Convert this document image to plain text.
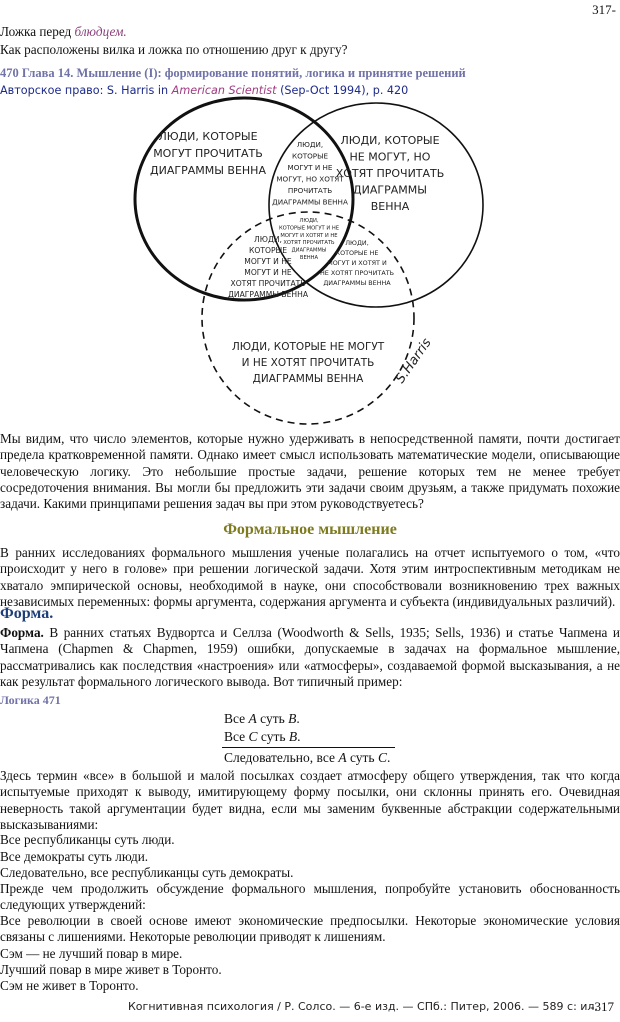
317-
Ложка перед блюдцем.
Как расположены вилка и ложка по отношению друг к другу?
470 Глава 14. Мышление (I): формирование понятий, логика и принятие решений
Авторское право: S. Harris in American Scientist (Sep-Oct 1994), p. 420
ЛЮДИ, КОТОРЫЕ МОГУТ ПРОЧИТАТЬ ДИАГРАММЫ ВЕННА
ЛЮДИ, КОТОРЫЕ НЕ МОГУТ, НО ХОТЯТ ПРОЧИТАТЬ ДИАГРАММЫ ВЕННА
ЛЮДИ, КОТОРЫЕ МОГУТ И НЕ МОГУТ, НО ХОТЯТ ПРОЧИТАТЬ ДИАГРАММЫ ВЕННА
ЛЮДИ, КОТОРЫЕ МОГУТ И НЕ МОГУТ И ХОТЯТ И НЕ ХОТЯТ ПРОЧИТАТЬ ДИАГРАММЫ ВЕННА
ЛЮДИ, КОТОРЫЕ МОГУТ И НЕ МОГУТ И НЕ ХОТЯТ ПРОЧИТАТЬ ДИАГРАММЫ ВЕННА
ЛЮДИ, КОТОРЫЕ НЕ МОГУТ И ХОТЯТ И НЕ ХОТЯТ ПРОЧИТАТЬ ДИАГРАММЫ ВЕННА
ЛЮДИ, КОТОРЫЕ НЕ МОГУТ И НЕ ХОТЯТ ПРОЧИТАТЬ ДИАГРАММЫ ВЕННА	S.Harris
Мы видим, что число элементов, которые нужно удерживать в непосредственной памяти, почти достигает предела кратковременной памяти. Однако имеет смысл использовать математические модели, описывающие человеческую логику. Это небольшие простые задачи, решение которых тем не менее требует сосредоточения внимания. Вы могли бы предложить эти задачи своим друзьям, а также придумать похожие задачи. Какими принципами решения задач вы при этом руководствуетесь?
Формальное мышление
В ранних исследованиях формального мышления ученые полагались на отчет испытуемого о том, «что происходит у него в голове» при решении логической задачи. Хотя этим интроспективным методикам не хватало эмпирической основы, необходимой в науке, они способствовали возникновению трех важных независимых переменных: формы аргумента, содержания аргумента и субъекта (индивидуальных различий).
Форма.
Форма. В ранних статьях Вудвортса и Селлза (Woodworth & Sells, 1935; Sells, 1936) и статье Чапмена и Чапмена (Chapmen & Chapmen, 1959) ошибки, допускаемые в задачах на формальное мышление, рассматривались как последствия «настроения» или «атмосферы», создаваемой формой высказывания, а не как результат формального логического вывода. Вот типичный пример:
Логика 471
Все A суть B.
Все C суть B.
Следовательно, все A суть C.
Здесь термин «все» в большой и малой посылках создает атмосферу общего утверждения, так что когда испытуемые приходят к выводу, имитирующему форму посылки, они склонны принять его. Очевидная неверность такой аргументации будет видна, если мы заменим буквенные абстракции содержательными высказываниями:
Все республиканцы суть люди.
Все демократы суть люди.
Следовательно, все республиканцы суть демократы.
Прежде чем продолжить обсуждение формального мышления, попробуйте установить обоснованность следующих утверждений:
Все революции в своей основе имеют экономические предпосылки. Некоторые экономические условия связаны с лишениями. Некоторые революции приводят к лишениям.
Сэм — не лучший повар в мире.
Лучший повар в мире живет в Торонто.
Сэм не живет в Торонто.
Когнитивная психология / Р. Солсо. — 6-е изд. — СПб.: Питер, 2006. — 589 с: ил.
-317
